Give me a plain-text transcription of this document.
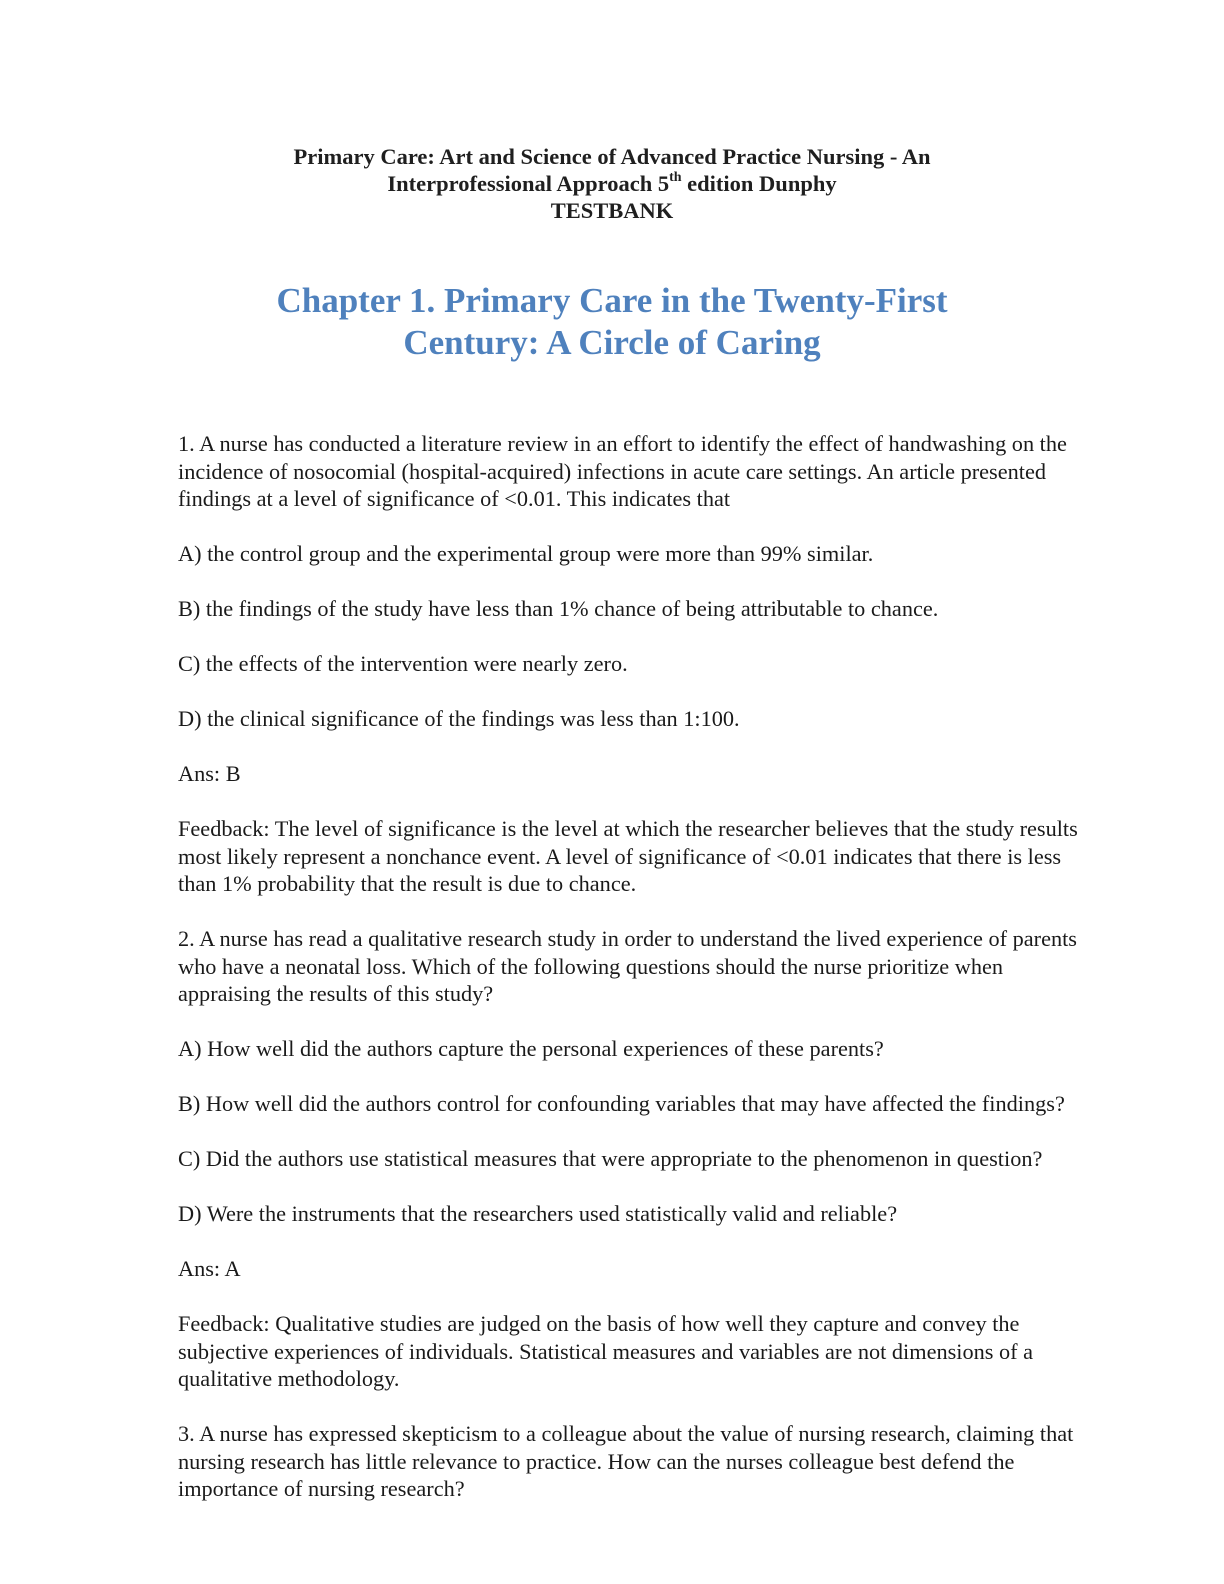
Primary Care: Art and Science of Advanced Practice Nursing - An
Interprofessional Approach 5th edition Dunphy
TESTBANK
Chapter 1. Primary Care in the Twenty-First
Century: A Circle of Caring

1. A nurse has conducted a literature review in an effort to identify the effect of handwashing on the
incidence of nosocomial (hospital-acquired) infections in acute care settings. An article presented
findings at a level of significance of <0.01. This indicates that

A) the control group and the experimental group were more than 99% similar.

B) the findings of the study have less than 1% chance of being attributable to chance.

C) the effects of the intervention were nearly zero.

D) the clinical significance of the findings was less than 1:100.

Ans: B

Feedback: The level of significance is the level at which the researcher believes that the study results
most likely represent a nonchance event. A level of significance of <0.01 indicates that there is less
than 1% probability that the result is due to chance.

2. A nurse has read a qualitative research study in order to understand the lived experience of parents
who have a neonatal loss. Which of the following questions should the nurse prioritize when
appraising the results of this study?

A) How well did the authors capture the personal experiences of these parents?

B) How well did the authors control for confounding variables that may have affected the findings?

C) Did the authors use statistical measures that were appropriate to the phenomenon in question?

D) Were the instruments that the researchers used statistically valid and reliable?

Ans: A

Feedback: Qualitative studies are judged on the basis of how well they capture and convey the
subjective experiences of individuals. Statistical measures and variables are not dimensions of a
qualitative methodology.

3. A nurse has expressed skepticism to a colleague about the value of nursing research, claiming that
nursing research has little relevance to practice. How can the nurses colleague best defend the
importance of nursing research?
